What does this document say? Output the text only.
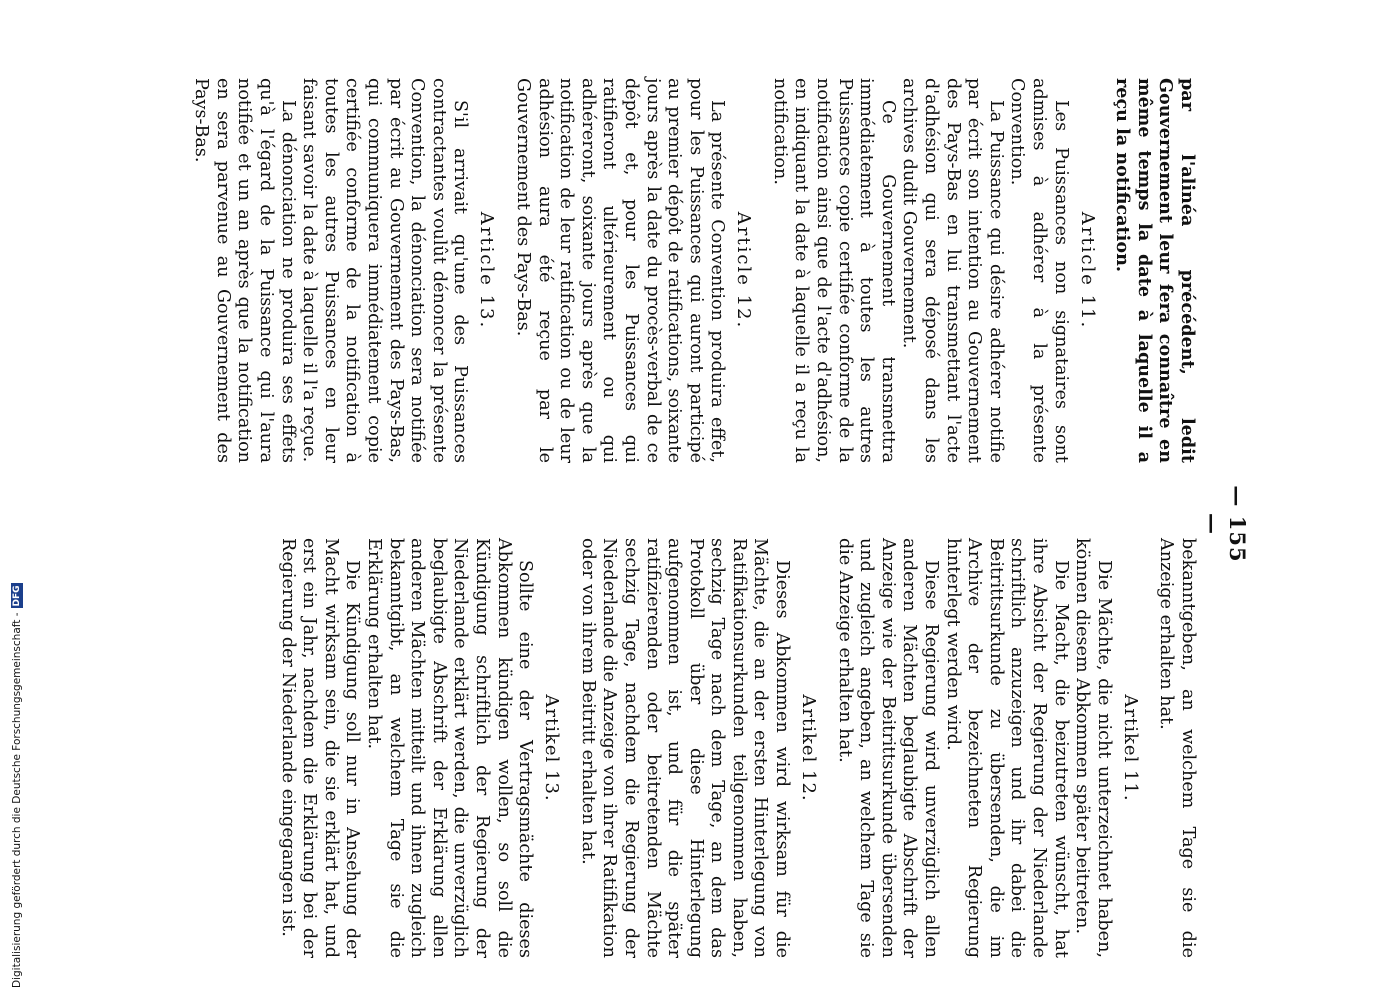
Digitalisierung gefördert durch die Deutsche Forschungsgemeinschaft -
DFG
— 155 —

par l'alinéa précédent, ledit Gouvernement leur fera connaître en même temps la date à laquelle il a reçu la notification.

Article 11.

Les Puissances non signataires sont admises à adhérer à la présente Convention.

La Puissance qui désire adhérer notifie par écrit son intention au Gouvernement des Pays-Bas en lui transmettant l'acte d'adhésion qui sera déposé dans les archives dudit Gouvernement.

Ce Gouvernement transmettra immédiatement à toutes les autres Puissances copie certifiée conforme de la notification ainsi que de l'acte d'adhésion, en indiquant la date à laquelle il a reçu la notification.

Article 12.

La présente Convention produira effet, pour les Puissances qui auront participé au premier dépôt de ratifications, soixante jours après la date du procès-verbal de ce dépôt et, pour les Puissances qui ratifieront ultérieurement ou qui adhéreront, soixante jours après que la notification de leur ratification ou de leur adhésion aura été reçue par le Gouvernement des Pays-Bas.

Article 13.

S'il arrivait qu'une des Puissances contractantes voulût dénoncer la présente Convention, la dénonciation sera notifiée par écrit au Gouvernement des Pays-Bas, qui communiquera immédiatement copie certifiée conforme de la notification à toutes les autres Puissances en leur faisant savoir la date à laquelle il l'a reçue.

La dénonciation ne produira ses effets qu'à l'égard de la Puissance qui l'aura notifiée et un an après que la notification en sera parvenue au Gouvernement des Pays-Bas.

bekanntgeben, an welchem Tage sie die Anzeige erhalten hat.

Artikel 11.

Die Mächte, die nicht unterzeichnet haben, können diesem Abkommen später beitreten.

Die Macht, die beizutreten wünscht, hat ihre Absicht der Regierung der Niederlande schriftlich anzuzeigen und ihr dabei die Beitrittsurkunde zu übersenden, die im Archive der bezeichneten Regierung hinterlegt werden wird.

Diese Regierung wird unverzüglich allen anderen Mächten beglaubigte Abschrift der Anzeige wie der Beitrittsurkunde übersenden und zugleich angeben, an welchem Tage sie die Anzeige erhalten hat.

Artikel 12.

Dieses Abkommen wird wirksam für die Mächte, die an der ersten Hinterlegung von Ratifikationsurkunden teilgenommen haben, sechzig Tage nach dem Tage, an dem das Protokoll über diese Hinterlegung aufgenommen ist, und für die später ratifizierenden oder beitretenden Mächte sechzig Tage, nachdem die Regierung der Niederlande die Anzeige von ihrer Ratifikation oder von ihrem Beitritt erhalten hat.

Artikel 13.

Sollte eine der Vertragsmächte dieses Abkommen kündigen wollen, so soll die Kündigung schriftlich der Regierung der Niederlande erklärt werden, die unverzüglich beglaubigte Abschrift der Erklärung allen anderen Mächten mitteilt und ihnen zugleich bekanntgibt, an welchem Tage sie die Erklärung erhalten hat.

Die Kündigung soll nur in Ansehung der Macht wirksam sein, die sie erklärt hat, und erst ein Jahr, nachdem die Erklärung bei der Regierung der Niederlande eingegangen ist.
